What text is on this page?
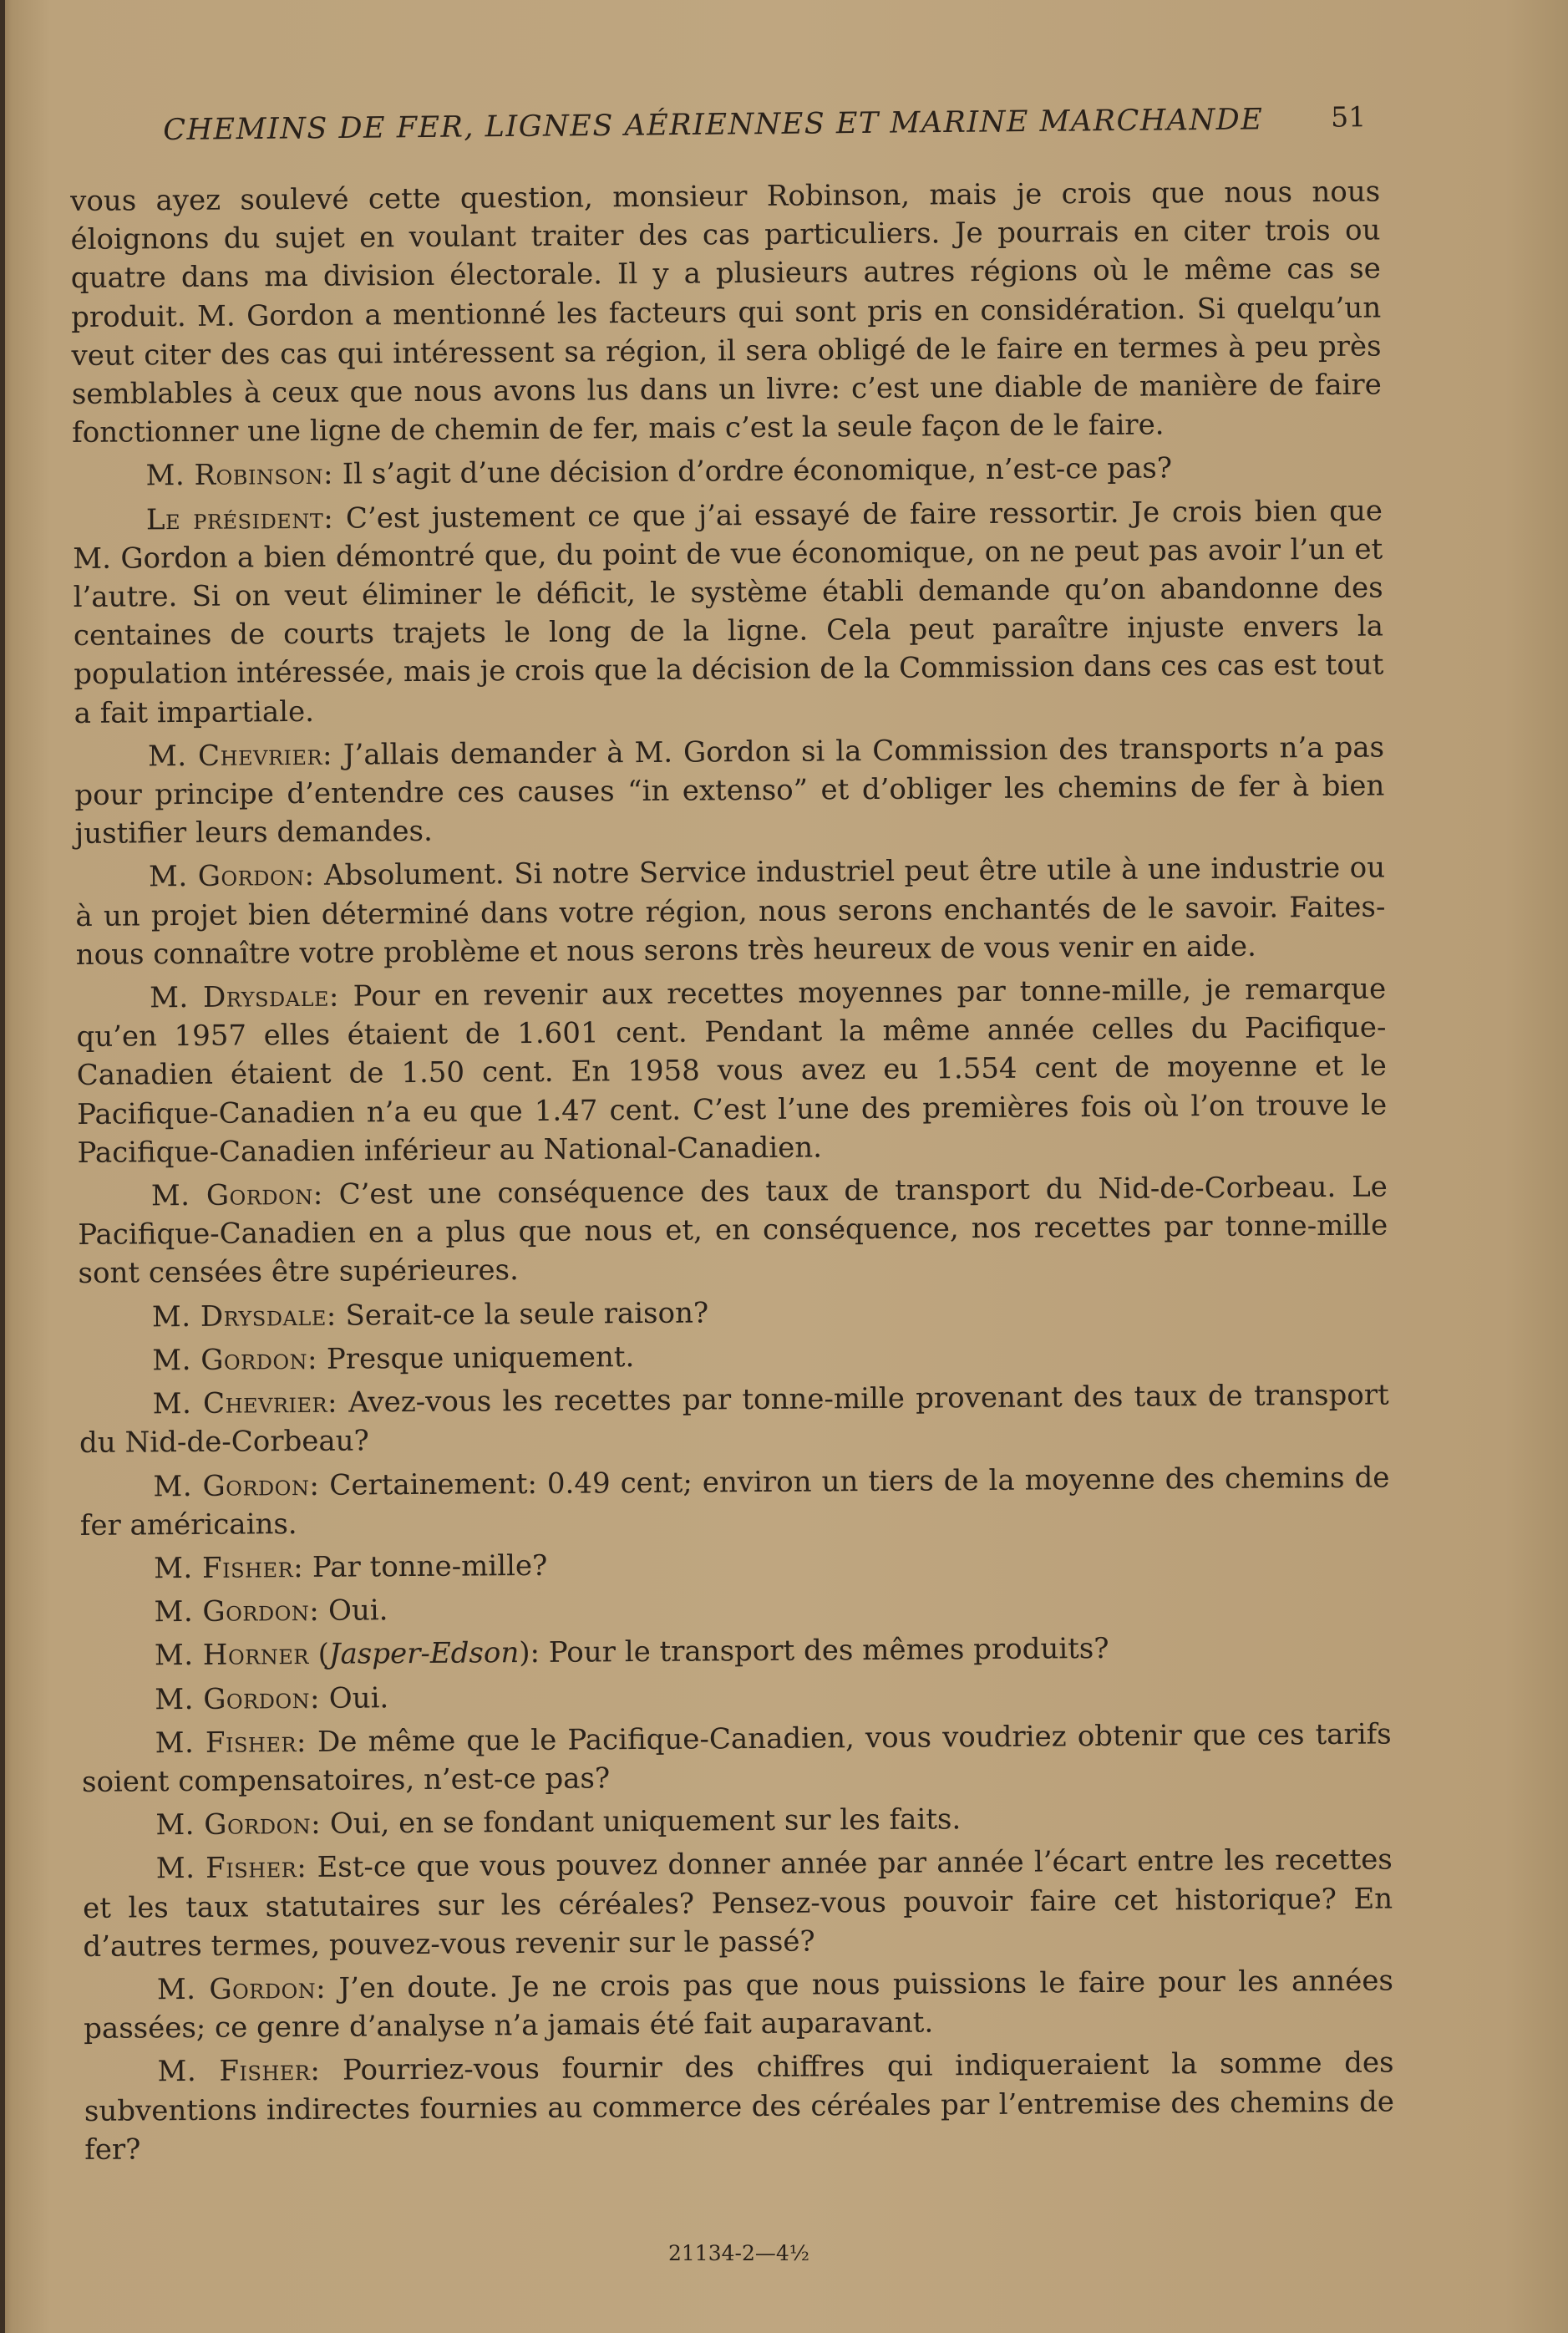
CHEMINS DE FER, LIGNES AÉRIENNES ET MARINE MARCHANDE 51

vous ayez soulevé cette question, monsieur Robinson, mais je crois que nous nous éloignons du sujet en voulant traiter des cas particuliers. Je pourrais en citer trois ou quatre dans ma division électorale. Il y a plusieurs autres régions où le même cas se produit. M. Gordon a mentionné les facteurs qui sont pris en considération. Si quelqu’un veut citer des cas qui intéressent sa région, il sera obligé de le faire en termes à peu près semblables à ceux que nous avons lus dans un livre: c’est une diable de manière de faire fonctionner une ligne de chemin de fer, mais c’est la seule façon de le faire.

M. Robinson: Il s’agit d’une décision d’ordre économique, n’est-ce pas?

Le président: C’est justement ce que j’ai essayé de faire ressortir. Je crois bien que M. Gordon a bien démontré que, du point de vue économique, on ne peut pas avoir l’un et l’autre. Si on veut éliminer le déficit, le système établi demande qu’on abandonne des centaines de courts trajets le long de la ligne. Cela peut paraître injuste envers la population intéressée, mais je crois que la décision de la Commission dans ces cas est tout a fait impartiale.

M. Chevrier: J’allais demander à M. Gordon si la Commission des transports n’a pas pour principe d’entendre ces causes “in extenso” et d’obliger les chemins de fer à bien justifier leurs demandes.

M. Gordon: Absolument. Si notre Service industriel peut être utile à une industrie ou à un projet bien déterminé dans votre région, nous serons enchantés de le savoir. Faites-nous connaître votre problème et nous serons très heureux de vous venir en aide.

M. Drysdale: Pour en revenir aux recettes moyennes par tonne-mille, je remarque qu’en 1957 elles étaient de 1.601 cent. Pendant la même année celles du Pacifique-Canadien étaient de 1.50 cent. En 1958 vous avez eu 1.554 cent de moyenne et le Pacifique-Canadien n’a eu que 1.47 cent. C’est l’une des premières fois où l’on trouve le Pacifique-Canadien inférieur au National-Canadien.

M. Gordon: C’est une conséquence des taux de transport du Nid-de-Corbeau. Le Pacifique-Canadien en a plus que nous et, en conséquence, nos recettes par tonne-mille sont censées être supérieures.

M. Drysdale: Serait-ce la seule raison?

M. Gordon: Presque uniquement.

M. Chevrier: Avez-vous les recettes par tonne-mille provenant des taux de transport du Nid-de-Corbeau?

M. Gordon: Certainement: 0.49 cent; environ un tiers de la moyenne des chemins de fer américains.

M. Fisher: Par tonne-mille?

M. Gordon: Oui.

M. Horner (Jasper-Edson): Pour le transport des mêmes produits?

M. Gordon: Oui.

M. Fisher: De même que le Pacifique-Canadien, vous voudriez obtenir que ces tarifs soient compensatoires, n’est-ce pas?

M. Gordon: Oui, en se fondant uniquement sur les faits.

M. Fisher: Est-ce que vous pouvez donner année par année l’écart entre les recettes et les taux statutaires sur les céréales? Pensez-vous pouvoir faire cet historique? En d’autres termes, pouvez-vous revenir sur le passé?

M. Gordon: J’en doute. Je ne crois pas que nous puissions le faire pour les années passées; ce genre d’analyse n’a jamais été fait auparavant.

M. Fisher: Pourriez-vous fournir des chiffres qui indiqueraient la somme des subventions indirectes fournies au commerce des céréales par l’entremise des chemins de fer?

21134-2—4½
